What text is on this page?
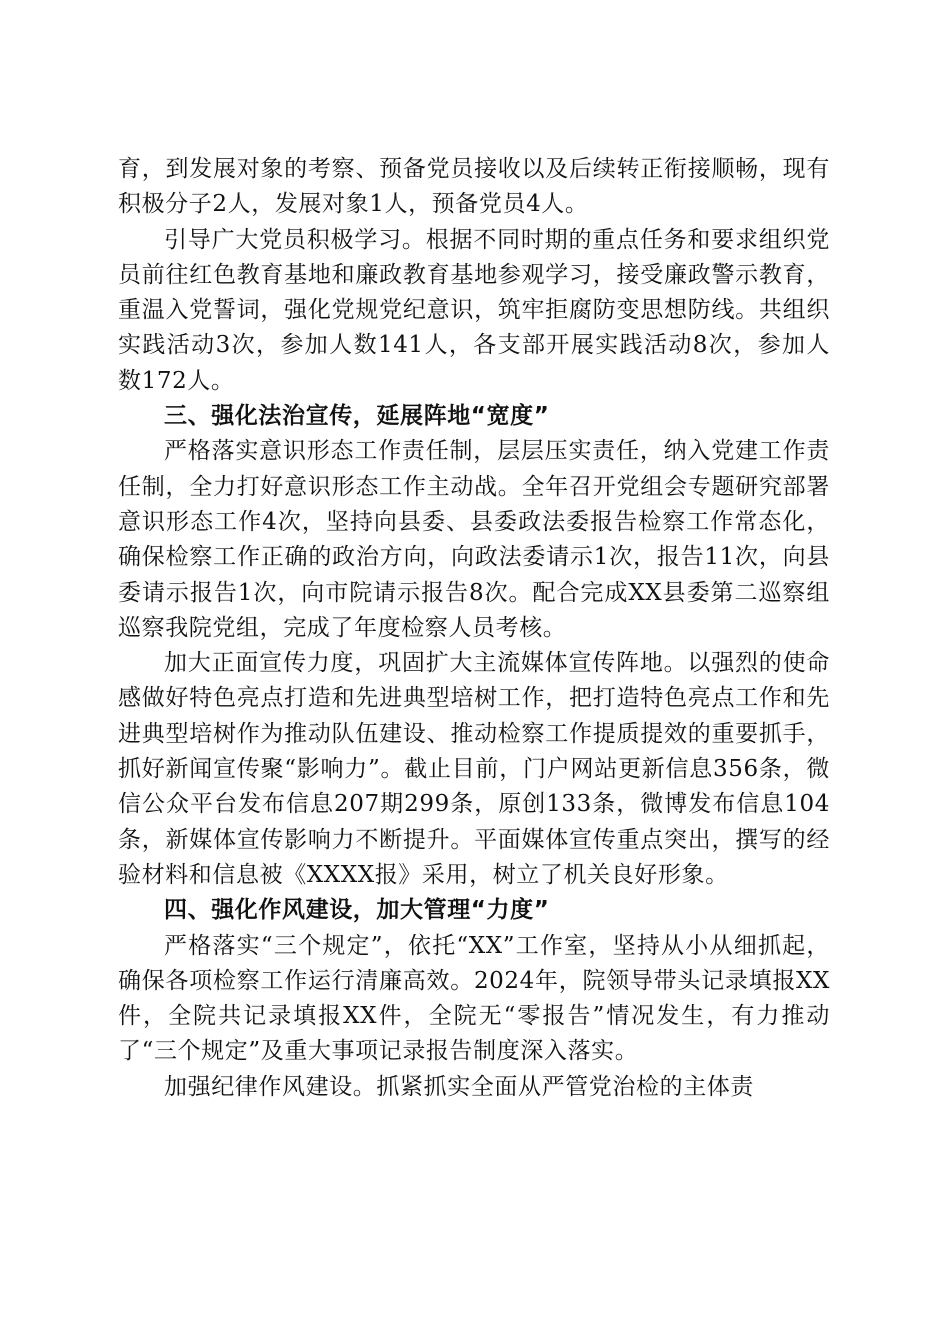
育，到发展对象的考察、预备党员接收以及后续转正衔接顺畅，现有积极分子2人，发展对象1人，预备党员4人。

引导广大党员积极学习。根据不同时期的重点任务和要求组织党员前往红色教育基地和廉政教育基地参观学习，接受廉政警示教育，重温入党誓词，强化党规党纪意识，筑牢拒腐防变思想防线。共组织实践活动3次，参加人数141人，各支部开展实践活动8次，参加人数172人。

三、强化法治宣传，延展阵地“宽度”

严格落实意识形态工作责任制，层层压实责任，纳入党建工作责任制，全力打好意识形态工作主动战。全年召开党组会专题研究部署意识形态工作4次，坚持向县委、县委政法委报告检察工作常态化，确保检察工作正确的政治方向，向政法委请示1次，报告11次，向县委请示报告1次，向市院请示报告8次。配合完成XX县委第二巡察组巡察我院党组，完成了年度检察人员考核。

加大正面宣传力度，巩固扩大主流媒体宣传阵地。以强烈的使命感做好特色亮点打造和先进典型培树工作，把打造特色亮点工作和先进典型培树作为推动队伍建设、推动检察工作提质提效的重要抓手，抓好新闻宣传聚“影响力”。截止目前，门户网站更新信息356条，微信公众平台发布信息207期299条，原创133条，微博发布信息104条，新媒体宣传影响力不断提升。平面媒体宣传重点突出，撰写的经验材料和信息被《XXXX报》采用，树立了机关良好形象。

四、强化作风建设，加大管理“力度”

严格落实“三个规定”，依托“XX”工作室，坚持从小从细抓起，确保各项检察工作运行清廉高效。2024年，院领导带头记录填报XX件，全院共记录填报XX件，全院无“零报告”情况发生，有力推动了“三个规定”及重大事项记录报告制度深入落实。

加强纪律作风建设。抓紧抓实全面从严管党治检的主体责
